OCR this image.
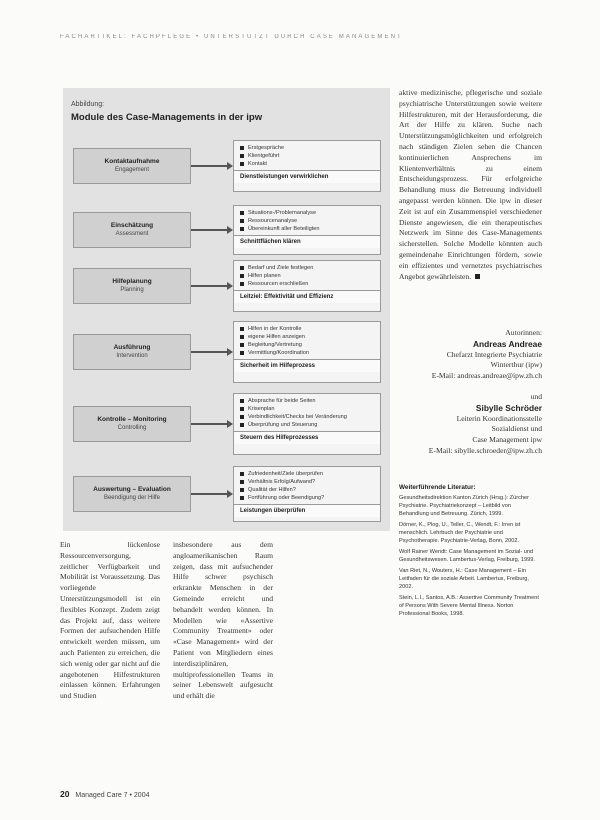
FACHARTIKEL: FACHPFLEGE • UNTERSTÜTZT DURCH CASE MANAGEMENT
Abbildung:
Module des Case-Managements in der ipw
Kontaktaufnahme
Engagement
Erstgespräche
Klientgeführt
Kontakt
Dienstleistungen verwirklichen
Einschätzung
Assessment
Situations-/Problemanalyse
Ressourcenanalyse
Übereinkunft aller Beteiligten
Schnittflächen klären
Hilfeplanung
Planning
Bedarf und Ziele festlegen
Hilfen planen
Ressourcen erschließen
Leitziel: Effektivität und Effizienz
Ausführung
Intervention
Hilfen in der Kontrolle
eigene Hilfen anzeigen
Begleitung/Vertretung
Vermittlung/Koordination
Sicherheit im Hilfeprozess
Kontrolle – Monitoring
Controlling
Absprache für beide Seiten
Krisenplan
Verbindlichkeit/Checks bei Veränderung
Überprüfung und Steuerung
Steuern des Hilfeprozesses
Auswertung – Evaluation
Beendigung der Hilfe
Zufriedenheit/Ziele überprüfen
Verhältnis Erfolg/Aufwand?
Qualität der Hilfen?
Fortführung oder Beendigung?
Leistungen überprüfen

aktive medizinische, pflegerische und soziale psychiatrische Unterstützungen sowie weitere Hilfestrukturen, mit der Herausforderung, die Art der Hilfe zu klären. Suche nach Unterstützungsmöglichkeiten und erfolgreich nach ständigen Zielen sehen die Chancen kontinuierlichen Ansprechens im Klientenverhältnis zu einem Entscheidungsprozess. Für erfolgreiche Behandlung muss die Betreuung individuell angepasst werden können. Die ipw in dieser Zeit ist auf ein Zusammenspiel verschiedener Dienste angewiesen, die ein therapeutisches Netzwerk im Sinne des Case-Managements sicherstellen. Solche Modelle könnten auch gemeindenahe Einrichtungen fördern, sowie ein effizientes und vernetztes psychiatrisches Angebot gewährleisten.

Autorinnen:
Andreas Andreae
Chefarzt Integrierte Psychiatrie
Winterthur (ipw)
E-Mail: andreas.andreae@ipw.zh.ch
und
Sibylle Schröder
Leiterin Koordinationsstelle
Sozialdienst und
Case Management ipw
E-Mail: sibylle.schroeder@ipw.zh.ch

Ein lückenlose Ressourcenversorgung, zeitlicher Verfügbarkeit und Mobilität ist Voraussetzung. Das vorliegende Unterstützungsmodell ist ein flexibles Konzept. Zudem zeigt das Projekt auf, dass weitere Formen der aufsuchenden Hilfe entwickelt werden müssen, um auch Patienten zu erreichen, die sich wenig oder gar nicht auf die angebotenen Hilfestrukturen einlassen können. Erfahrungen und Studien

insbesondere aus dem angloamerikanischen Raum zeigen, dass mit aufsuchender Hilfe schwer psychisch erkrankte Menschen in der Gemeinde erreicht und behandelt werden können. In Modellen wie «Assertive Community Treatment» oder «Case Management» wird der Patient von Mitgliedern eines interdisziplinären, multiprofessionellen Teams in seiner Lebenswelt aufgesucht und erhält die

Weiterführende Literatur:

Gesundheitsdirektion Kanton Zürich (Hrsg.): Zürcher Psychiatrie. Psychiatriekonzept – Leitbild von Behandlung und Betreuung. Zürich, 1999.

Dörner, K., Plog, U., Teller, C., Wendt, F.: Irren ist menschlich. Lehrbuch der Psychiatrie und Psychotherapie. Psychiatrie-Verlag, Bonn, 2002.

Wolf Rainer Wendt: Case Management im Sozial- und Gesundheitswesen. Lambertus-Verlag, Freiburg, 1999.

Van Riet, N., Wouters, H.: Case Management – Ein Leitfaden für die soziale Arbeit. Lambertus, Freiburg, 2002.

Stein, L.I., Santos, A.B.: Assertive Community Treatment of Persons With Severe Mental Illness. Norton Professional Books, 1998.

20 Managed Care 7 • 2004
